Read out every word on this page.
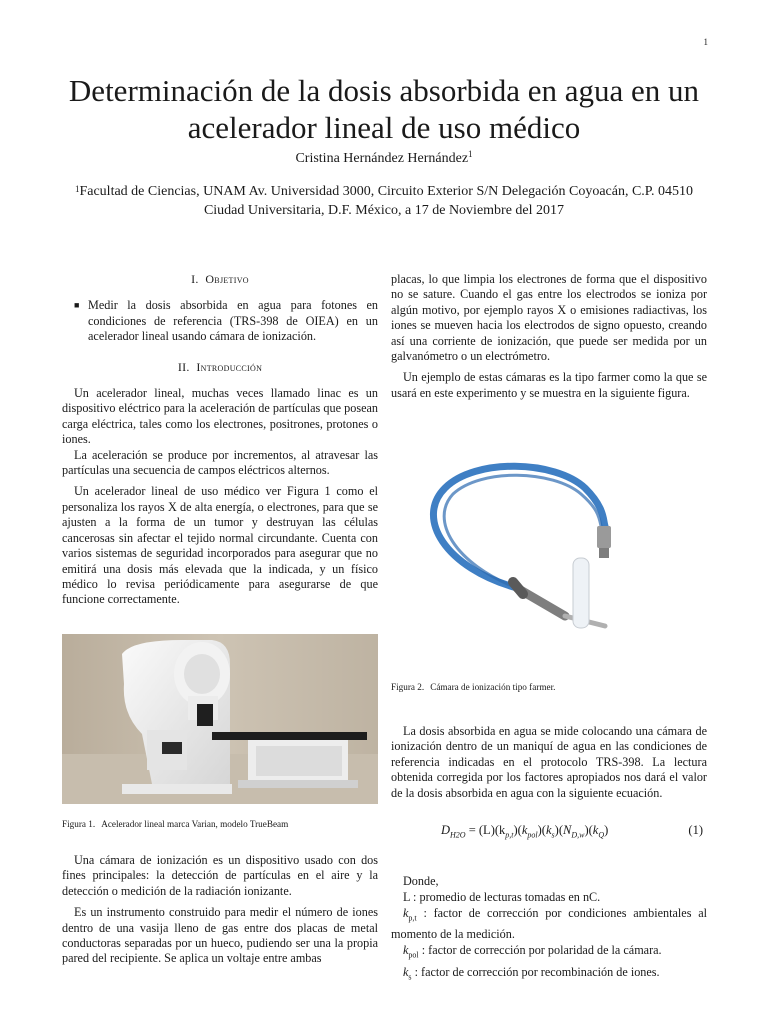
1
Determinación de la dosis absorbida en agua en un acelerador lineal de uso médico
Cristina Hernández Hernández$^1$
$^1$Facultad de Ciencias, UNAM Av. Universidad 3000, Circuito Exterior S/N Delegación Coyoacán, C.P. 04510
Ciudad Universitaria, D.F. México, a 17 de Noviembre del 2017
I. Objetivo
■ Medir la dosis absorbida en agua para fotones en condiciones de referencia (TRS-398 de OIEA) en un acelerador lineal usando cámara de ionización.
II. Introducción

Un acelerador lineal, muchas veces llamado linac es un dispositivo eléctrico para la aceleración de partículas que posean carga eléctrica, tales como los electrones, positrones, protones o iones.

La aceleración se produce por incrementos, al atravesar las partículas una secuencia de campos eléctricos alternos.

Un acelerador lineal de uso médico ver Figura 1 como el personaliza los rayos X de alta energía, o electrones, para que se ajusten a la forma de un tumor y destruyan las células cancerosas sin afectar el tejido normal circundante. Cuenta con varios sistemas de seguridad incorporados para asegurar que no emitirá una dosis más elevada que la indicada, y un físico médico lo revisa periódicamente para asegurarse de que funcione correctamente.

Figura 1. Acelerador lineal marca Varian, modelo TrueBeam

Una cámara de ionización es un dispositivo usado con dos fines principales: la detección de partículas en el aire y la detección o medición de la radiación ionizante.

Es un instrumento construido para medir el número de iones dentro de una vasija lleno de gas entre dos placas de metal conductoras separadas por un hueco, pudiendo ser una la propia pared del recipiente. Se aplica un voltaje entre ambas

placas, lo que limpia los electrones de forma que el dispositivo no se sature. Cuando el gas entre los electrodos se ioniza por algún motivo, por ejemplo rayos X o emisiones radiactivas, los iones se mueven hacia los electrodos de signo opuesto, creando así una corriente de ionización, que puede ser medida por un galvanómetro o un electrómetro.

Un ejemplo de estas cámaras es la tipo farmer como la que se usará en este experimento y se muestra en la siguiente figura.

Figura 2. Cámara de ionización tipo farmer.

La dosis absorbida en agua se mide colocando una cámara de ionización dentro de un maniquí de agua en las condiciones de referencia indicadas en el protocolo TRS-398. La lectura obtenida corregida por los factores apropiados nos dará el valor de la dosis absorbida en agua con la siguiente ecuación.

$D_{H2O} = (L)(k_{p,t})(k_{pol})(k_s)(N_{D,w})(k_Q)$	(1)
Donde,
L : promedio de lecturas tomadas en nC.
$k_{p,t}$ : factor de corrección por condiciones ambientales al momento de la medición.
$k_{pol}$ : factor de corrección por polaridad de la cámara.
$k_s$ : factor de corrección por recombinación de iones.
